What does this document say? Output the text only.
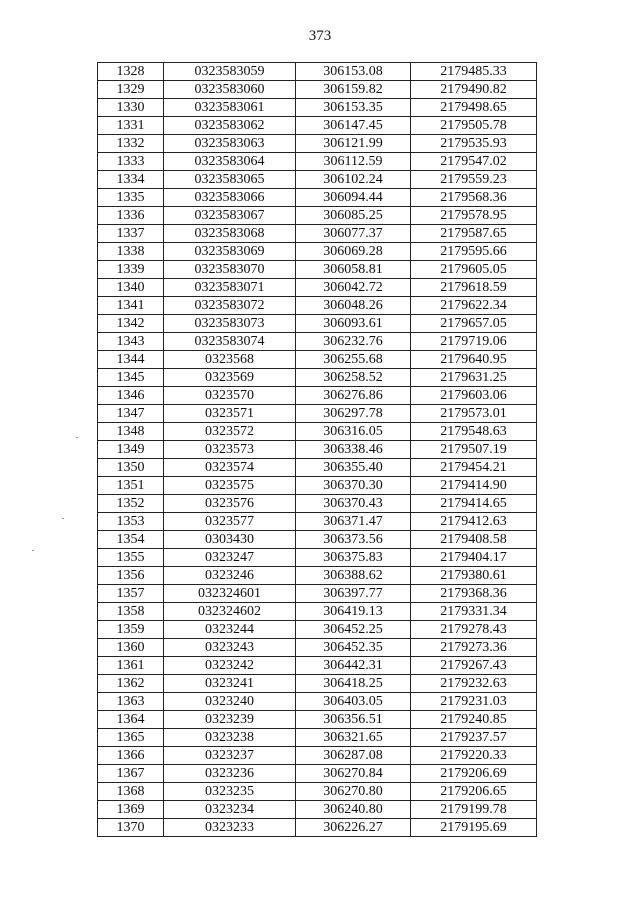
373
1328	0323583059	306153.08	2179485.33
1329	0323583060	306159.82	2179490.82
1330	0323583061	306153.35	2179498.65
1331	0323583062	306147.45	2179505.78
1332	0323583063	306121.99	2179535.93
1333	0323583064	306112.59	2179547.02
1334	0323583065	306102.24	2179559.23
1335	0323583066	306094.44	2179568.36
1336	0323583067	306085.25	2179578.95
1337	0323583068	306077.37	2179587.65
1338	0323583069	306069.28	2179595.66
1339	0323583070	306058.81	2179605.05
1340	0323583071	306042.72	2179618.59
1341	0323583072	306048.26	2179622.34
1342	0323583073	306093.61	2179657.05
1343	0323583074	306232.76	2179719.06
1344	0323568	306255.68	2179640.95
1345	0323569	306258.52	2179631.25
1346	0323570	306276.86	2179603.06
1347	0323571	306297.78	2179573.01
1348	0323572	306316.05	2179548.63
1349	0323573	306338.46	2179507.19
1350	0323574	306355.40	2179454.21
1351	0323575	306370.30	2179414.90
1352	0323576	306370.43	2179414.65
1353	0323577	306371.47	2179412.63
1354	0303430	306373.56	2179408.58
1355	0323247	306375.83	2179404.17
1356	0323246	306388.62	2179380.61
1357	032324601	306397.77	2179368.36
1358	032324602	306419.13	2179331.34
1359	0323244	306452.25	2179278.43
1360	0323243	306452.35	2179273.36
1361	0323242	306442.31	2179267.43
1362	0323241	306418.25	2179232.63
1363	0323240	306403.05	2179231.03
1364	0323239	306356.51	2179240.85
1365	0323238	306321.65	2179237.57
1366	0323237	306287.08	2179220.33
1367	0323236	306270.84	2179206.69
1368	0323235	306270.80	2179206.65
1369	0323234	306240.80	2179199.78
1370	0323233	306226.27	2179195.69
